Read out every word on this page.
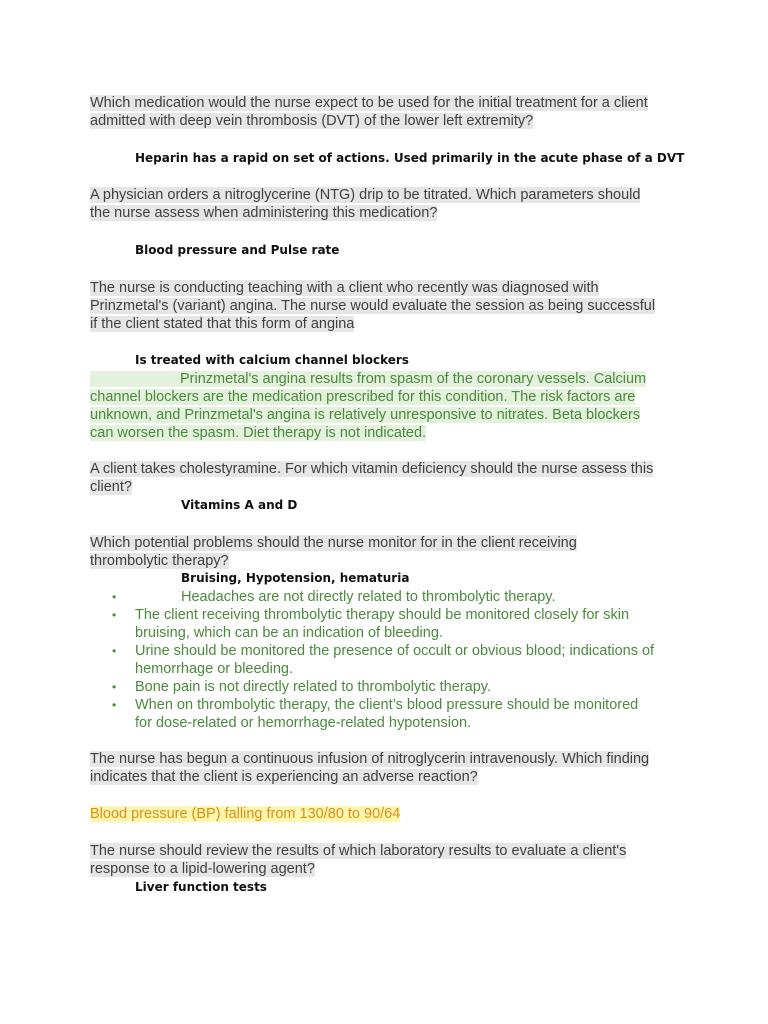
Which medication would the nurse expect to be used for the initial treatment for a client
admitted with deep vein thrombosis (DVT) of the lower left extremity?

Heparin has a rapid on set of actions. Used primarily in the acute phase of a DVT

A physician orders a nitroglycerine (NTG) drip to be titrated. Which parameters should
the nurse assess when administering this medication?

Blood pressure and Pulse rate

The nurse is conducting teaching with a client who recently was diagnosed with
Prinzmetal's (variant) angina. The nurse would evaluate the session as being successful
if the client stated that this form of angina

Is treated with calcium channel blockers

Prinzmetal's angina results from spasm of the coronary vessels. Calcium
channel blockers are the medication prescribed for this condition. The risk factors are
unknown, and Prinzmetal's angina is relatively unresponsive to nitrates. Beta blockers
can worsen the spasm. Diet therapy is not indicated.

A client takes cholestyramine. For which vitamin deficiency should the nurse assess this
client?

Vitamins A and D

Which potential problems should the nurse monitor for in the client receiving
thrombolytic therapy?

Bruising, Hypotension, hematuria

•	Headaches are not directly related to thrombolytic therapy.
• The client receiving thrombolytic therapy should be monitored closely for skin
bruising, which can be an indication of bleeding.
• Urine should be monitored the presence of occult or obvious blood; indications of
hemorrhage or bleeding.
• Bone pain is not directly related to thrombolytic therapy.
• When on thrombolytic therapy, the client’s blood pressure should be monitored
for dose-related or hemorrhage-related hypotension.

The nurse has begun a continuous infusion of nitroglycerin intravenously. Which finding
indicates that the client is experiencing an adverse reaction?

Blood pressure (BP) falling from 130/80 to 90/64

The nurse should review the results of which laboratory results to evaluate a client's
response to a lipid-lowering agent?

Liver function tests
